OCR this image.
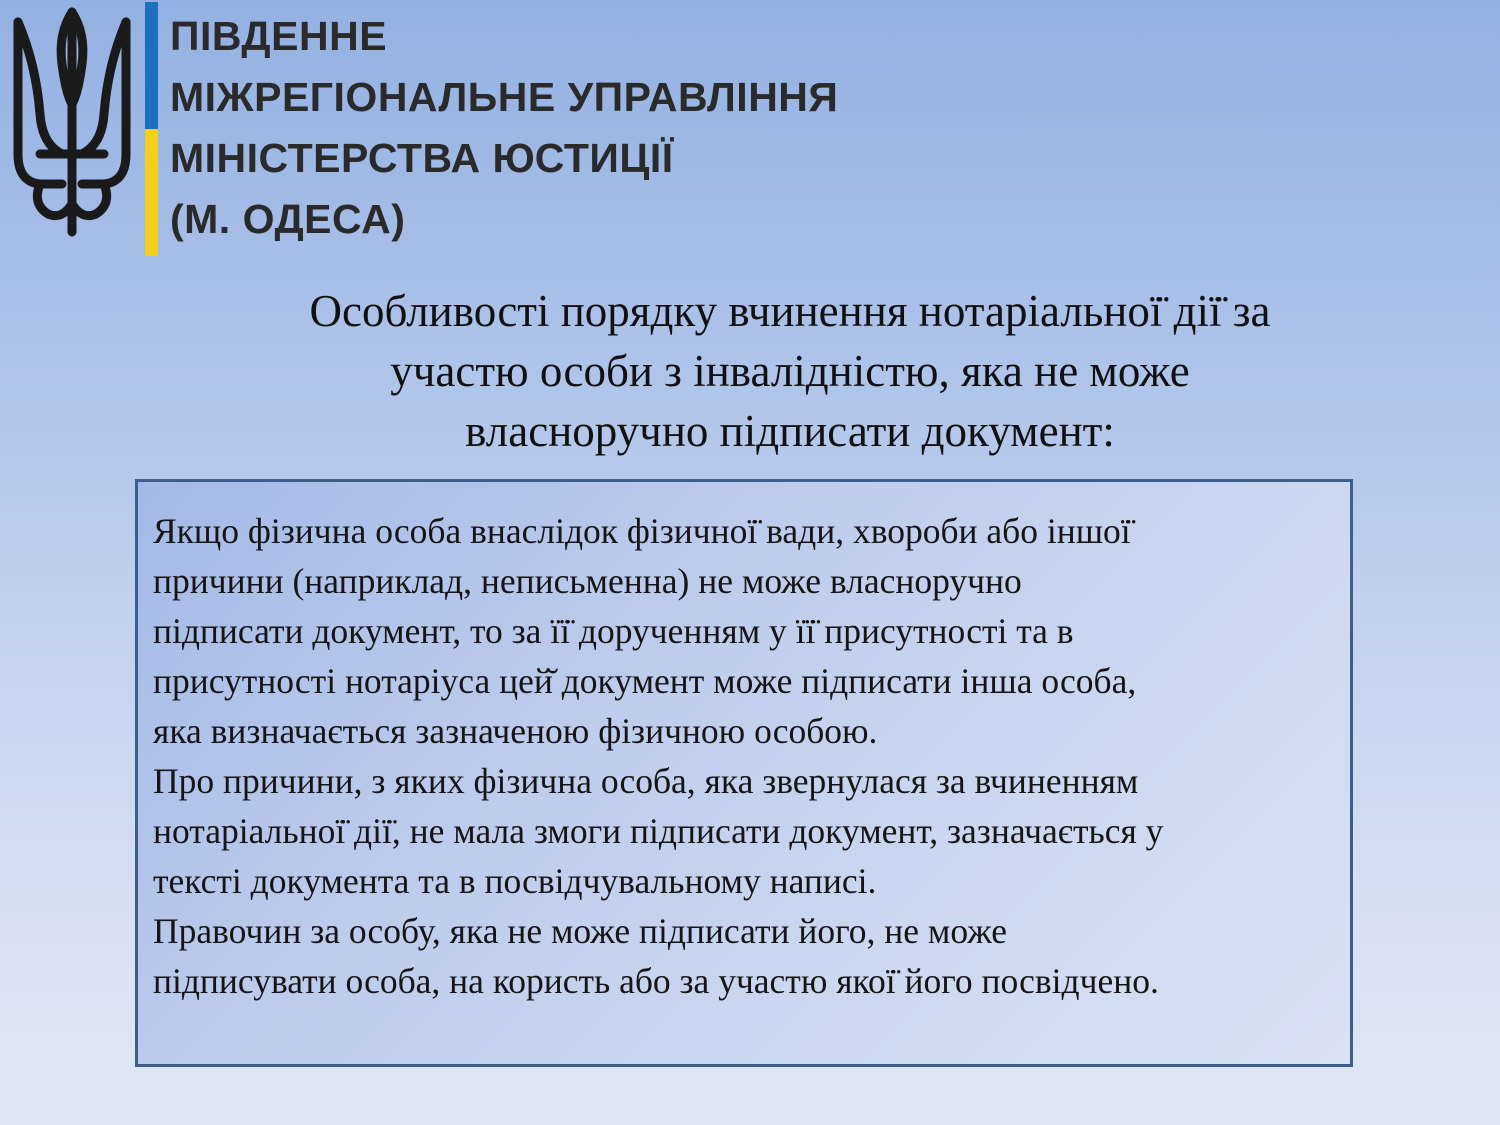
ПІВДЕННЕ
МІЖРЕГІОНАЛЬНЕ УПРАВЛІННЯ
МІНІСТЕРСТВА ЮСТИЦІЇ
(М. ОДЕСА)
Особливості порядку вчинення нотаріальної̈ дії̈ за
участю особи з інвалідністю, яка не може
власноручно підписати документ:

Якщо фізична особа внаслідок фізичної̈ вади, хвороби або іншої̈
причини (наприклад, неписьменна) не може власноручно
підписати документ, то за її̈ дорученням у її̈ присутності та в
присутності нотаріуса цей̆ документ може підписати інша особа,
яка визначається зазначеною фізичною особою.

Про причини, з яких фізична особа, яка звернулася за вчиненням
нотаріальної̈ дії̈, не мала змоги підписати документ, зазначається у
тексті документа та в посвідчувальному написі.

Правочин за особу, яка не може підписати його, не може
підписувати особа, на користь або за участю якої̈ його посвідчено.
